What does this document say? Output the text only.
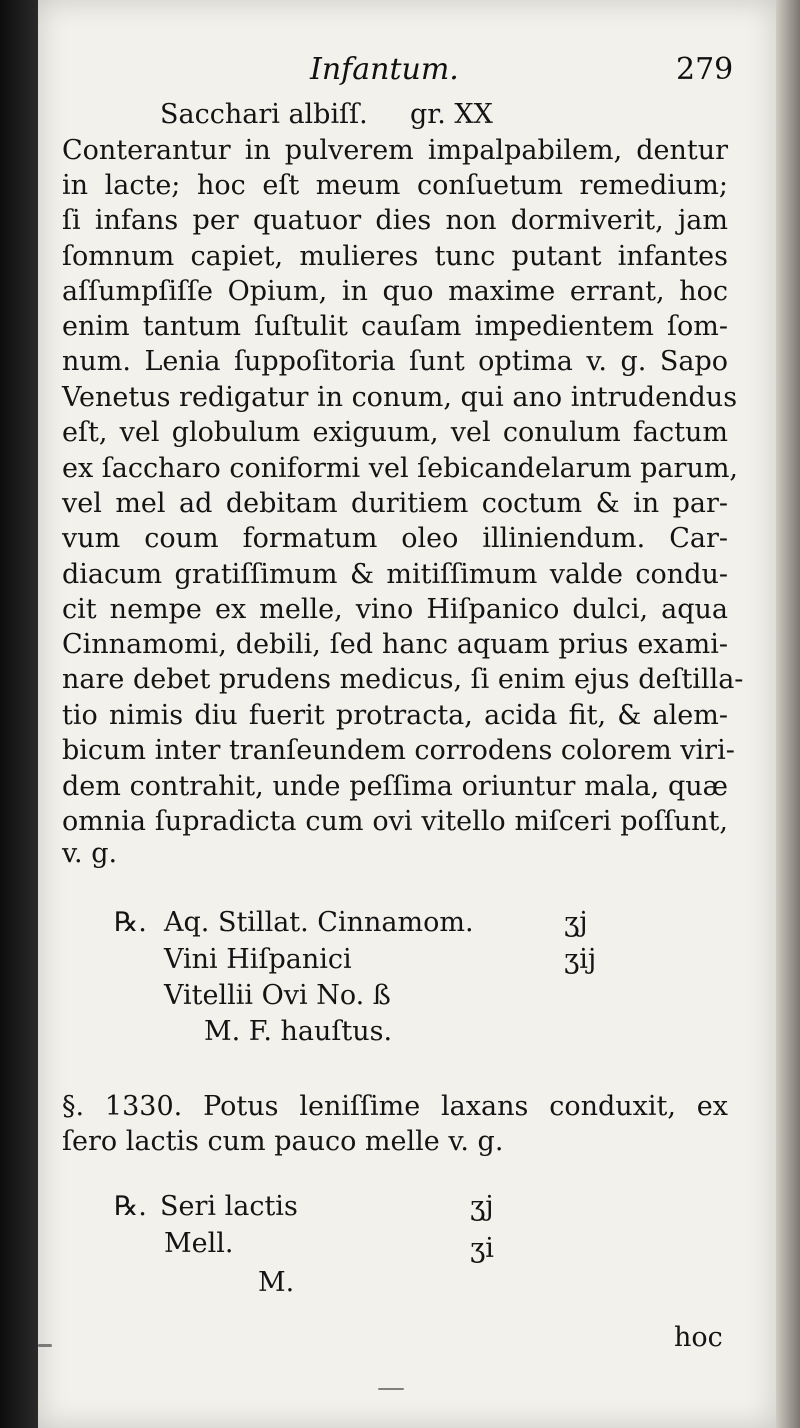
Infantum.	279
Sacchari albiſſ. gr. XX
Conterantur in pulverem impalpabilem, dentur
in lacte; hoc eſt meum conſuetum remedium;
ſi infans per quatuor dies non dormiverit, jam
ſomnum capiet, mulieres tunc putant infantes
aſſumpſiſſe Opium, in quo maxime errant, hoc
enim tantum ſuſtulit cauſam impedientem ſom-
num. Lenia ſuppoſitoria ſunt optima v. g. Sapo
Venetus redigatur in conum, qui ano intrudendus
eſt, vel globulum exiguum, vel conulum factum
ex ſaccharo coniformi vel ſebicandelarum parum,
vel mel ad debitam duritiem coctum & in par-
vum coum formatum oleo illiniendum. Car-
diacum gratiſſimum & mitiſſimum valde condu-
cit nempe ex melle, vino Hiſpanico dulci, aqua
Cinnamomi, debili, ſed hanc aquam prius exami-
nare debet prudens medicus, ſi enim ejus deſtilla-
tio nimis diu fuerit protracta, acida fit, & alem-
bicum inter tranſeundem corrodens colorem viri-
dem contrahit, unde peſſima oriuntur mala, quæ
omnia ſupradicta cum ovi vitello miſceri poſſunt,
v. g.
℞. Aq. Stillat. Cinnamom.	ʒj
Vini Hiſpanici	ʒij
Vitellii Ovi No. ß
M. F. hauſtus.
§. 1330. Potus leniſſime laxans conduxit, ex
ſero lactis cum pauco melle v. g.
℞. Seri lactis	ʒj
Mell.	ʒi
M.
hoc
